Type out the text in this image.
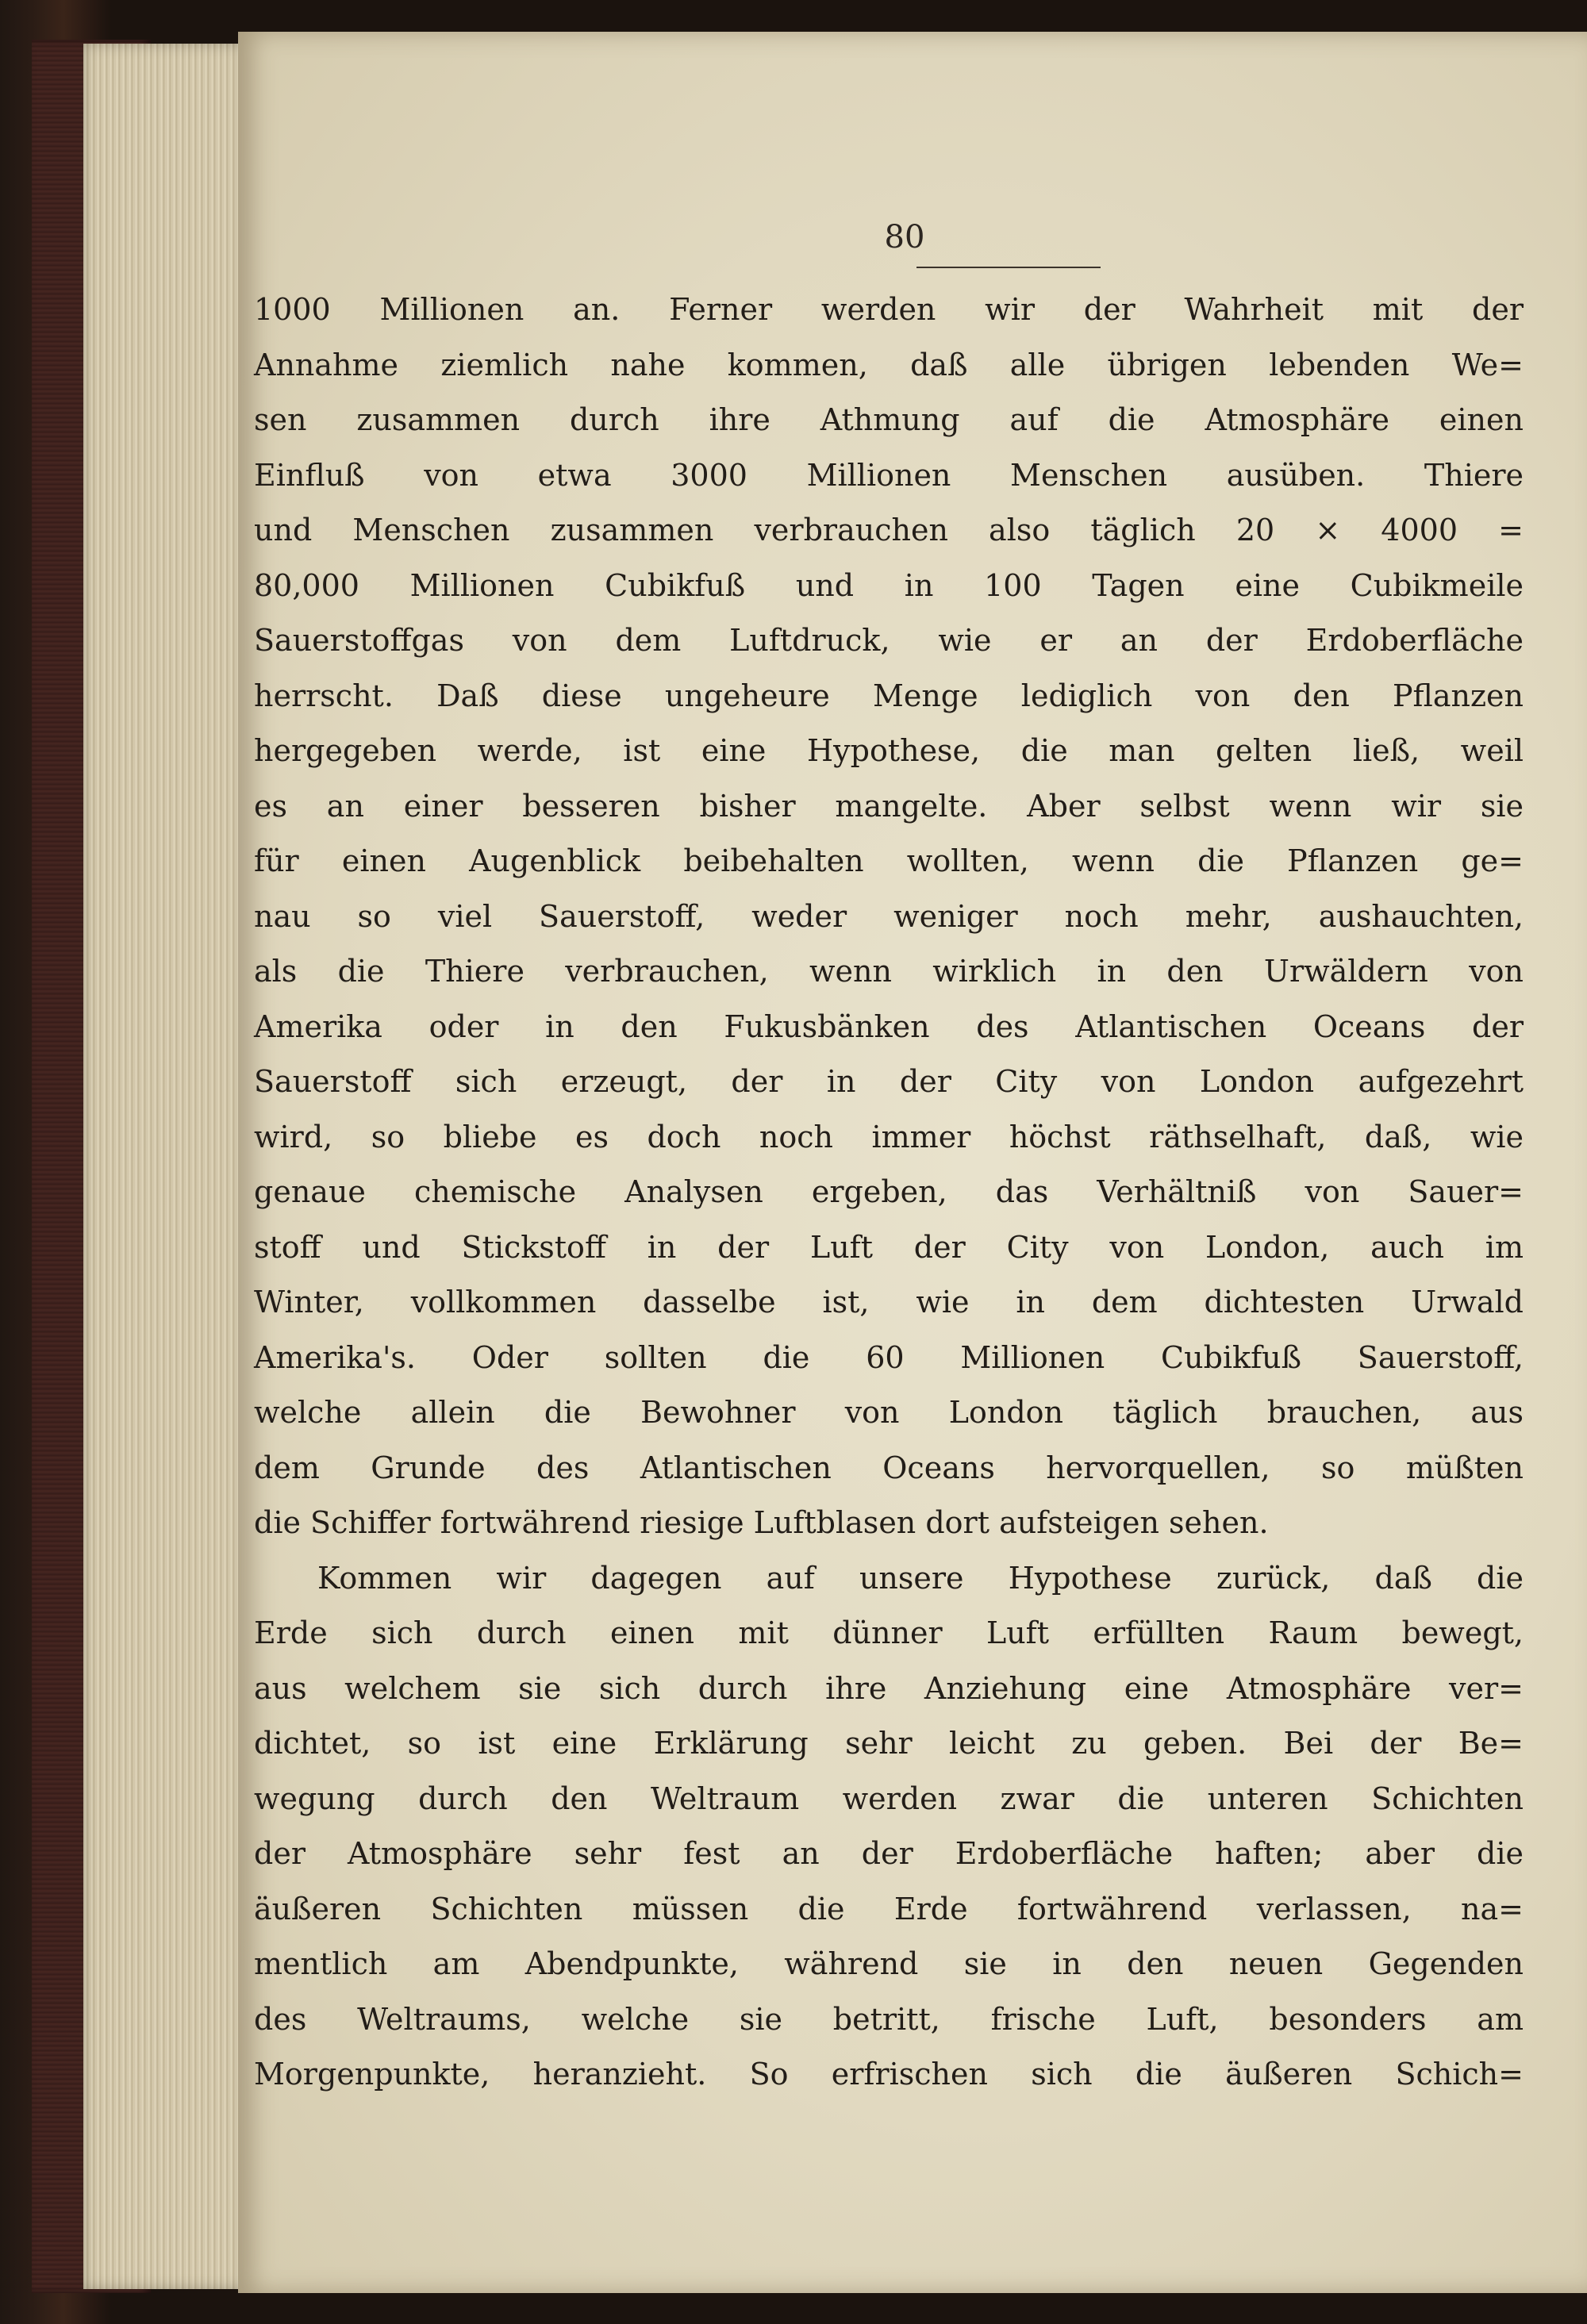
80
1000 Millionen an. Ferner werden wir der Wahrheit mit der
Annahme ziemlich nahe kommen, daß alle übrigen lebenden We=
sen zusammen durch ihre Athmung auf die Atmosphäre einen
Einfluß von etwa 3000 Millionen Menschen ausüben. Thiere
und Menschen zusammen verbrauchen also täglich 20 × 4000 =
80,000 Millionen Cubikfuß und in 100 Tagen eine Cubikmeile
Sauerstoffgas von dem Luftdruck, wie er an der Erdoberfläche
herrscht. Daß diese ungeheure Menge lediglich von den Pflanzen
hergegeben werde, ist eine Hypothese, die man gelten ließ, weil
es an einer besseren bisher mangelte. Aber selbst wenn wir sie
für einen Augenblick beibehalten wollten, wenn die Pflanzen ge=
nau so viel Sauerstoff, weder weniger noch mehr, aushauchten,
als die Thiere verbrauchen, wenn wirklich in den Urwäldern von
Amerika oder in den Fukusbänken des Atlantischen Oceans der
Sauerstoff sich erzeugt, der in der City von London aufgezehrt
wird, so bliebe es doch noch immer höchst räthselhaft, daß, wie
genaue chemische Analysen ergeben, das Verhältniß von Sauer=
stoff und Stickstoff in der Luft der City von London, auch im
Winter, vollkommen dasselbe ist, wie in dem dichtesten Urwald
Amerika's. Oder sollten die 60 Millionen Cubikfuß Sauerstoff,
welche allein die Bewohner von London täglich brauchen, aus
dem Grunde des Atlantischen Oceans hervorquellen, so müßten
die Schiffer fortwährend riesige Luftblasen dort aufsteigen sehen.
Kommen wir dagegen auf unsere Hypothese zurück, daß die
Erde sich durch einen mit dünner Luft erfüllten Raum bewegt,
aus welchem sie sich durch ihre Anziehung eine Atmosphäre ver=
dichtet, so ist eine Erklärung sehr leicht zu geben. Bei der Be=
wegung durch den Weltraum werden zwar die unteren Schichten
der Atmosphäre sehr fest an der Erdoberfläche haften; aber die
äußeren Schichten müssen die Erde fortwährend verlassen, na=
mentlich am Abendpunkte, während sie in den neuen Gegenden
des Weltraums, welche sie betritt, frische Luft, besonders am
Morgenpunkte, heranzieht. So erfrischen sich die äußeren Schich=
